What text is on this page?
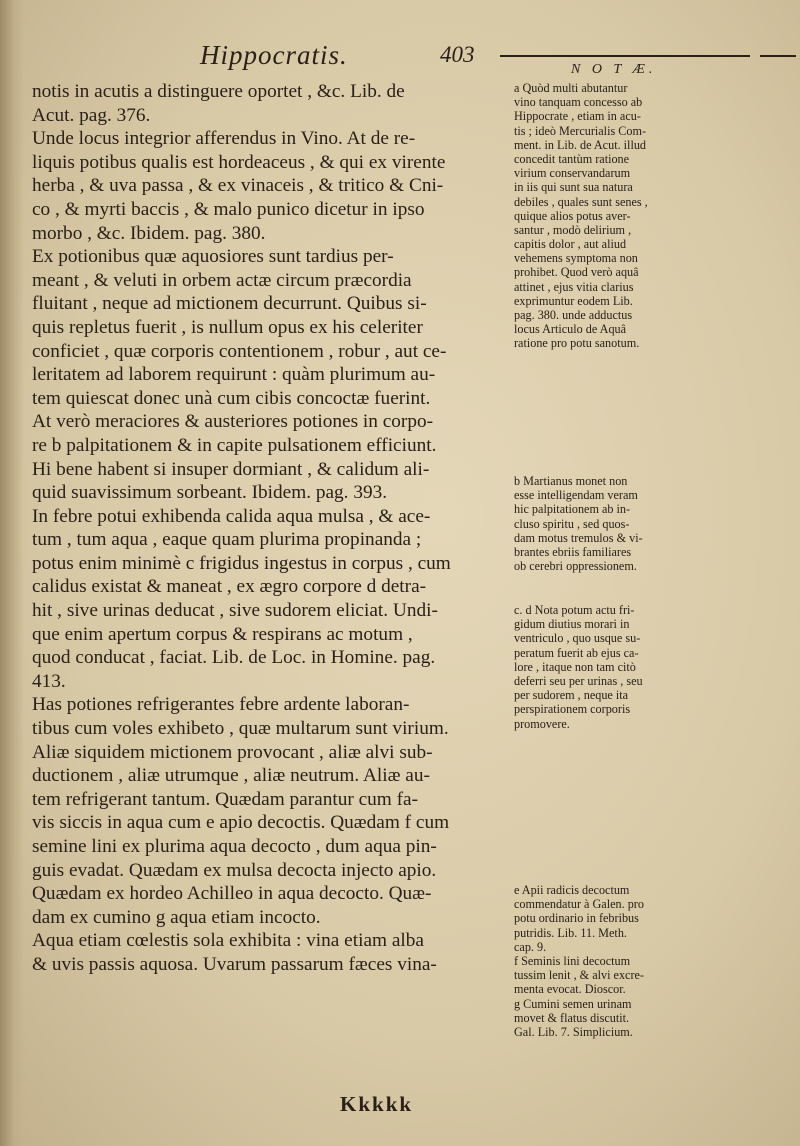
Hippocratis.	403
N O T Æ.
notis in acutis a distinguere oportet , &c. Lib. de
Acut. pag. 376.
Unde locus integrior afferendus in Vino. At de re-
liquis potibus qualis est hordeaceus , & qui ex virente
herba , & uva passa , & ex vinaceis , & tritico & Cni-
co , & myrti baccis , & malo punico dicetur in ipso
morbo , &c. Ibidem. pag. 380.
Ex potionibus quæ aquosiores sunt tardius per-
meant , & veluti in orbem actæ circum præcordia
fluitant , neque ad mictionem decurrunt. Quibus si-
quis repletus fuerit , is nullum opus ex his celeriter
conficiet , quæ corporis contentionem , robur , aut ce-
leritatem ad laborem requirunt : quàm plurimum au-
tem quiescat donec unà cum cibis concoctæ fuerint.
At verò meraciores & austeriores potiones in corpo-
re b palpitationem & in capite pulsationem efficiunt.
Hi bene habent si insuper dormiant , & calidum ali-
quid suavissimum sorbeant. Ibidem. pag. 393.
In febre potui exhibenda calida aqua mulsa , & ace-
tum , tum aqua , eaque quam plurima propinanda ;
potus enim minimè c frigidus ingestus in corpus , cum
calidus existat & maneat , ex ægro corpore d detra-
hit , sive urinas deducat , sive sudorem eliciat. Undi-
que enim apertum corpus & respirans ac motum ,
quod conducat , faciat. Lib. de Loc. in Homine. pag.
413.
Has potiones refrigerantes febre ardente laboran-
tibus cum voles exhibeto , quæ multarum sunt virium.
Aliæ siquidem mictionem provocant , aliæ alvi sub-
ductionem , aliæ utrumque , aliæ neutrum. Aliæ au-
tem refrigerant tantum. Quædam parantur cum fa-
vis siccis in aqua cum e apio decoctis. Quædam f cum
semine lini ex plurima aqua decocto , dum aqua pin-
guis evadat. Quædam ex mulsa decocta injecto apio.
Quædam ex hordeo Achilleo in aqua decocto. Quæ-
dam ex cumino g aqua etiam incocto.
Aqua etiam cœlestis sola exhibita : vina etiam alba
& uvis passis aquosa. Uvarum passarum fæces vina-
a Quòd multi abutantur
vino tanquam concesso ab
Hippocrate , etiam in acu-
tis ; ideò Mercurialis Com-
ment. in Lib. de Acut. illud
concedit tantùm ratione
virium conservandarum
in iis qui sunt sua natura
debiles , quales sunt senes ,
quique alios potus aver-
santur , modò delirium ,
capitis dolor , aut aliud
vehemens symptoma non
prohibet. Quod verò aquâ
attinet , ejus vitia clarius
exprimuntur eodem Lib.
pag. 380. unde adductus
locus Articulo de Aquâ
ratione pro potu sanotum.
b Martianus monet non
esse intelligendam veram
hic palpitationem ab in-
cluso spiritu , sed quos-
dam motus tremulos & vi-
brantes ebriis familiares
ob cerebri oppressionem.
c. d Nota potum actu fri-
gidum diutius morari in
ventriculo , quo usque su-
peratum fuerit ab ejus ca-
lore , itaque non tam citò
deferri seu per urinas , seu
per sudorem , neque ita
perspirationem corporis
promovere.
e Apii radicis decoctum
commendatur à Galen. pro
potu ordinario in febribus
putridis. Lib. 11. Meth.
cap. 9.
f Seminis lini decoctum
tussim lenit , & alvi excre-
menta evocat. Dioscor.
g Cumini semen urinam
movet & flatus discutit.
Gal. Lib. 7. Simplicium.
Kkkkk
